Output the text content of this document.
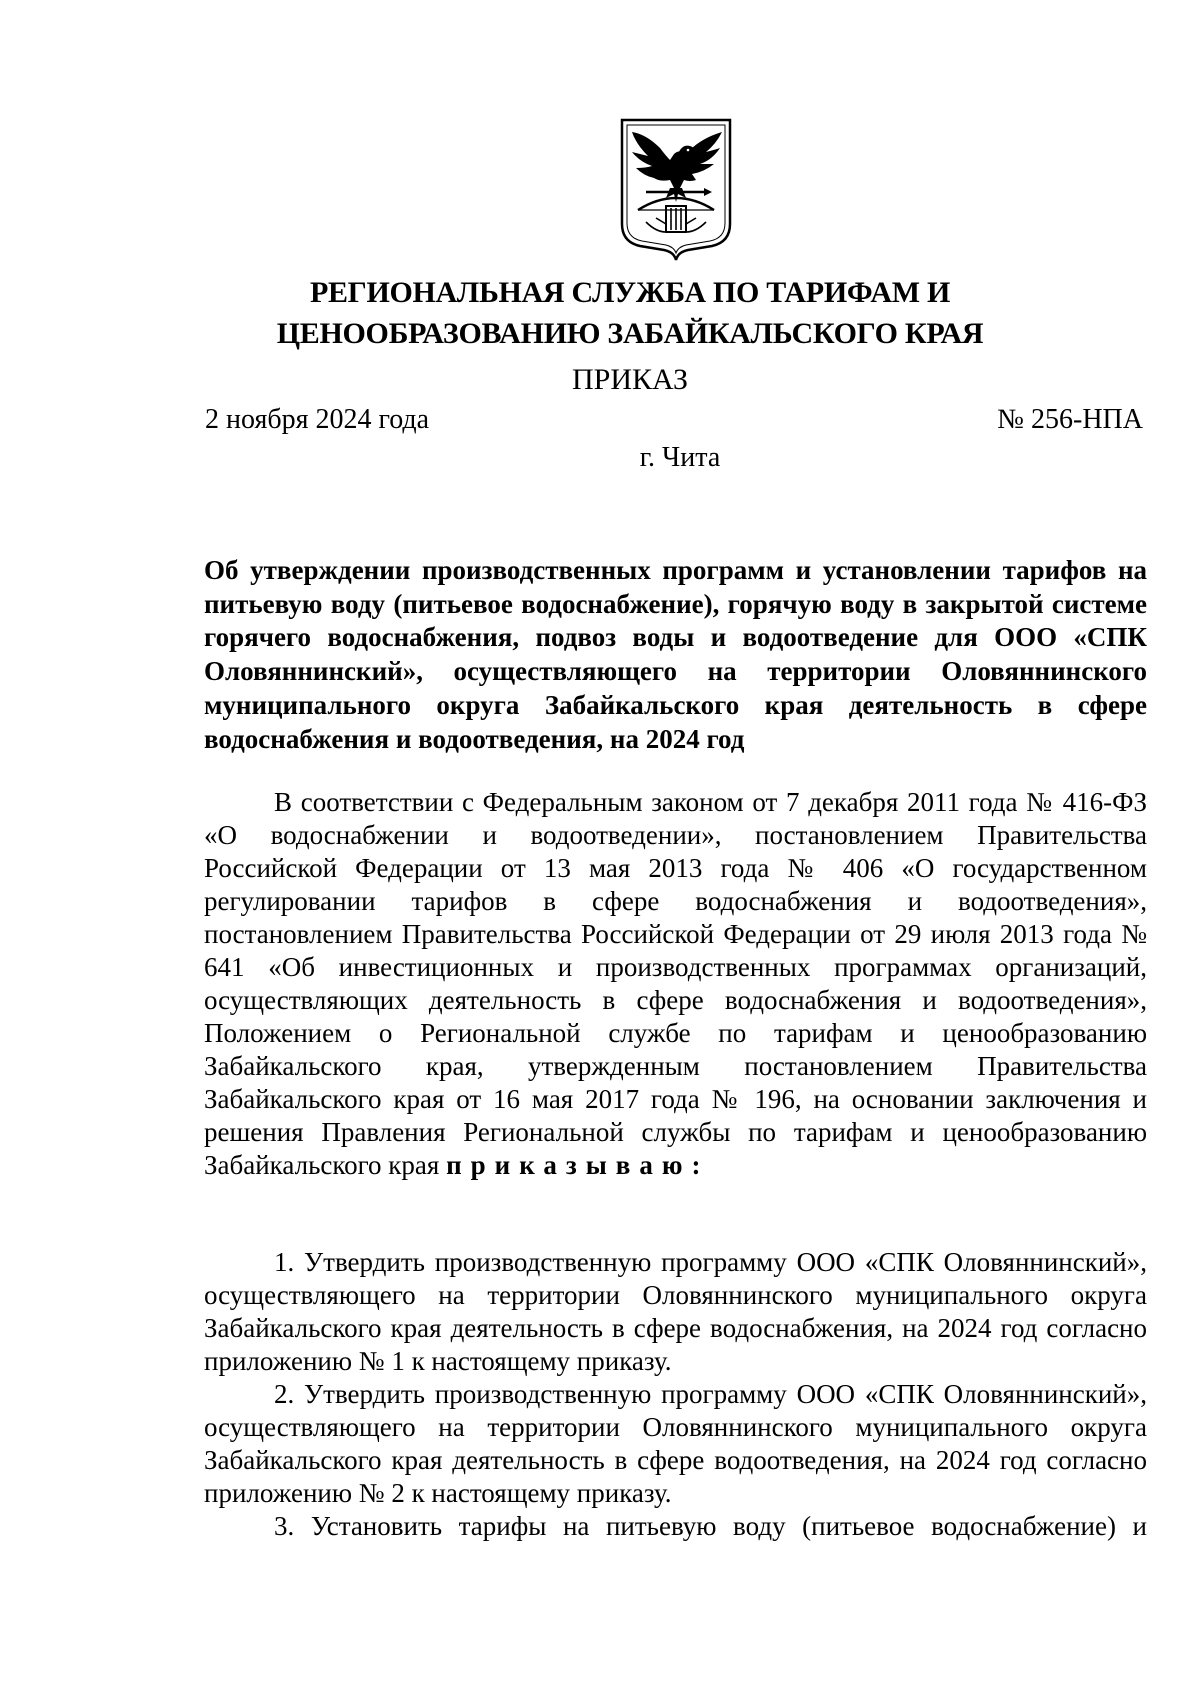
РЕГИОНАЛЬНАЯ СЛУЖБА ПО ТАРИФАМ И
ЦЕНООБРАЗОВАНИЮ ЗАБАЙКАЛЬСКОГО КРАЯ
ПРИКАЗ
2 ноября 2024 года	№ 256-НПА
г. Чита
Об утверждении производственных программ и установлении тарифов на питьевую воду (питьевое водоснабжение), горячую воду в закрытой системе горячего водоснабжения, подвоз воды и водоотведение для ООО «СПК Оловяннинский», осуществляющего на территории Оловяннинского муниципального округа Забайкальского края деятельность в сфере водоснабжения и водоотведения, на 2024 год
В соответствии с Федеральным законом от 7 декабря 2011 года № 416-ФЗ «О водоснабжении и водоотведении», постановлением Правительства Российской Федерации от 13 мая 2013 года № 406 «О государственном регулировании тарифов в сфере водоснабжения и водоотведения», постановлением Правительства Российской Федерации от 29 июля 2013 года № 641 «Об инвестиционных и производственных программах организаций, осуществляющих деятельность в сфере водоснабжения и водоотведения», Положением о Региональной службе по тарифам и ценообразованию Забайкальского края, утвержденным постановлением Правительства Забайкальского края от 16 мая 2017 года № 196, на основании заключения и решения Правления Региональной службы по тарифам и ценообразованию Забайкальского края приказываю:

1. Утвердить производственную программу ООО «СПК Оловяннинский», осуществляющего на территории Оловяннинского муниципального округа Забайкальского края деятельность в сфере водоснабжения, на 2024 год согласно приложению № 1 к настоящему приказу.

2. Утвердить производственную программу ООО «СПК Оловяннинский», осуществляющего на территории Оловяннинского муниципального округа Забайкальского края деятельность в сфере водоотведения, на 2024 год согласно приложению № 2 к настоящему приказу.

3. Установить тарифы на питьевую воду (питьевое водоснабжение) и
